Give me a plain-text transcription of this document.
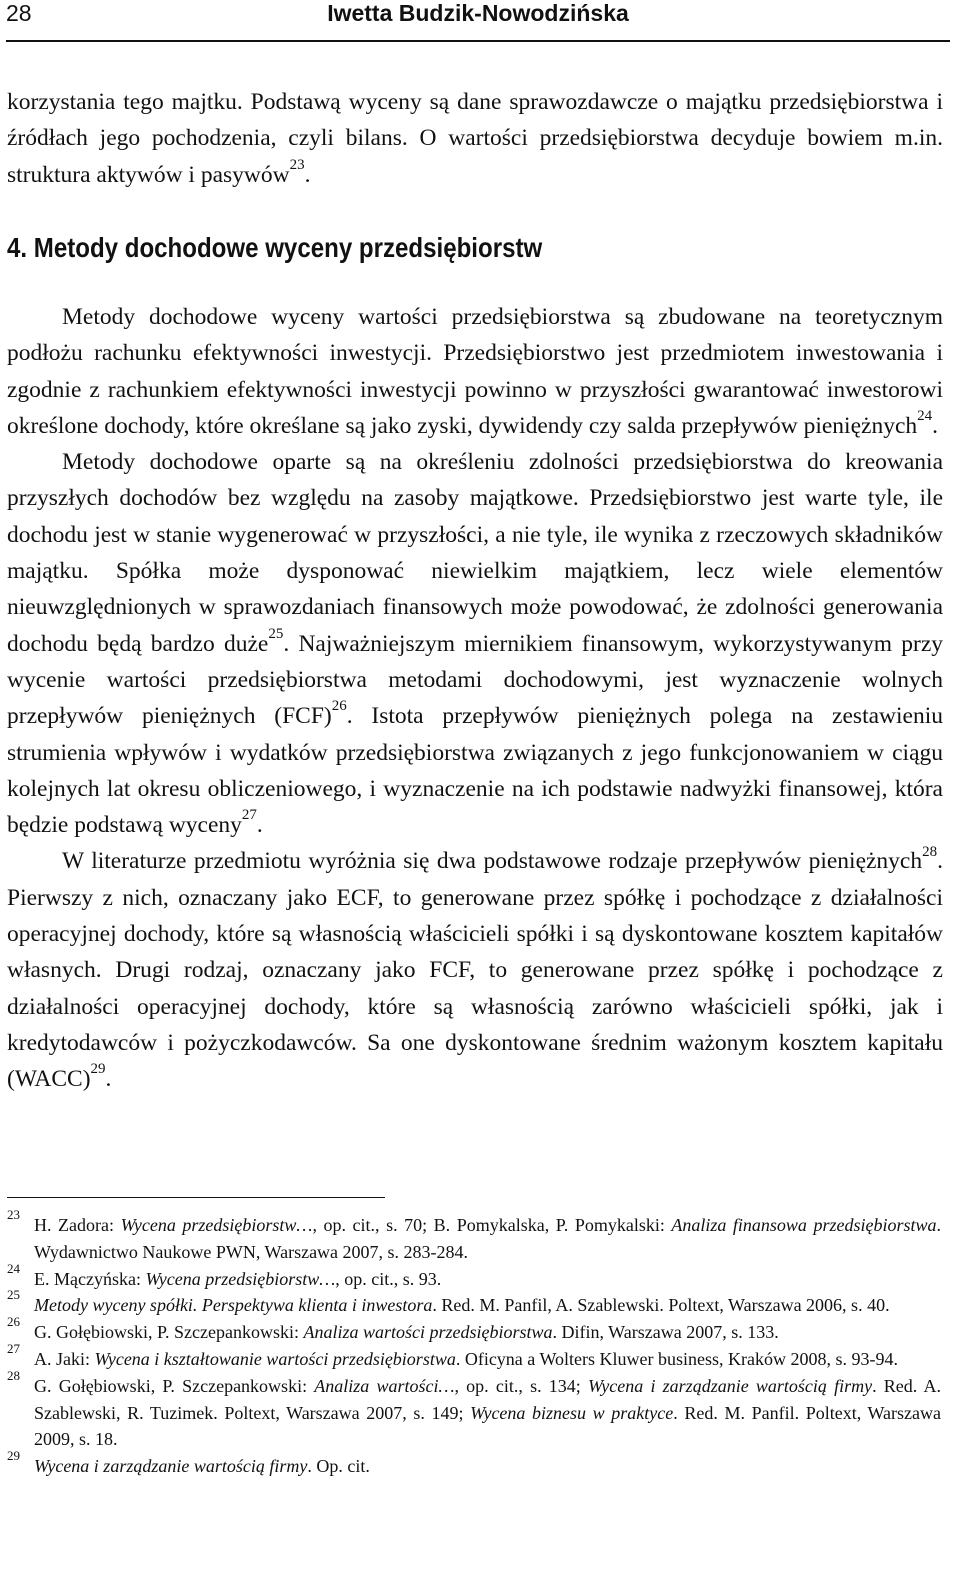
28	Iwetta Budzik-Nowodzińska

korzystania tego majtku. Podstawą wyceny są dane sprawozdawcze o majątku przedsiębiorstwa i źródłach jego pochodzenia, czyli bilans. O wartości przedsiębiorstwa decyduje bowiem m.in. struktura aktywów i pasywów$^{23}$.

4. Metody dochodowe wyceny przedsiębiorstw

Metody dochodowe wyceny wartości przedsiębiorstwa są zbudowane na teoretycznym podłożu rachunku efektywności inwestycji. Przedsiębiorstwo jest przedmiotem inwestowania i zgodnie z rachunkiem efektywności inwestycji powinno w przyszłości gwarantować inwestorowi określone dochody, które określane są jako zyski, dywidendy czy salda przepływów pieniężnych$^{24}$.

Metody dochodowe oparte są na określeniu zdolności przedsiębiorstwa do kreowania przyszłych dochodów bez względu na zasoby majątkowe. Przedsiębiorstwo jest warte tyle, ile dochodu jest w stanie wygenerować w przyszłości, a nie tyle, ile wynika z rzeczowych składników majątku. Spółka może dysponować niewielkim majątkiem, lecz wiele elementów nieuwzględnionych w sprawozdaniach finansowych może powodować, że zdolności generowania dochodu będą bardzo duże$^{25}$. Najważniejszym miernikiem finansowym, wykorzystywanym przy wycenie wartości przedsiębiorstwa metodami dochodowymi, jest wyznaczenie wolnych przepływów pieniężnych (FCF)$^{26}$. Istota przepływów pieniężnych polega na zestawieniu strumienia wpływów i wydatków przedsiębiorstwa związanych z jego funkcjonowaniem w ciągu kolejnych lat okresu obliczeniowego, i wyznaczenie na ich podstawie nadwyżki finansowej, która będzie podstawą wyceny$^{27}$.

W literaturze przedmiotu wyróżnia się dwa podstawowe rodzaje przepływów pieniężnych$^{28}$. Pierwszy z nich, oznaczany jako ECF, to generowane przez spółkę i pochodzące z działalności operacyjnej dochody, które są własnością właścicieli spółki i są dyskontowane kosztem kapitałów własnych. Drugi rodzaj, oznaczany jako FCF, to generowane przez spółkę i pochodzące z działalności operacyjnej dochody, które są własnością zarówno właścicieli spółki, jak i kredytodawców i pożyczkodawców. Sa one dyskontowane średnim ważonym kosztem kapitału (WACC)$^{29}$.

23
H. Zadora: Wycena przedsiębiorstw…, op. cit., s. 70; B. Pomykalska, P. Pomykalski: Analiza finansowa przedsiębiorstwa. Wydawnictwo Naukowe PWN, Warszawa 2007, s. 283-284.

24
E. Mączyńska: Wycena przedsiębiorstw…, op. cit., s. 93.

25
Metody wyceny spółki. Perspektywa klienta i inwestora. Red. M. Panfil, A. Szablewski. Poltext, Warszawa 2006, s. 40.

26
G. Gołębiowski, P. Szczepankowski: Analiza wartości przedsiębiorstwa. Difin, Warszawa 2007, s. 133.

27
A. Jaki: Wycena i kształtowanie wartości przedsiębiorstwa. Oficyna a Wolters Kluwer business, Kraków 2008, s. 93-94.

28
G. Gołębiowski, P. Szczepankowski: Analiza wartości…, op. cit., s. 134; Wycena i zarządzanie wartością firmy. Red. A. Szablewski, R. Tuzimek. Poltext, Warszawa 2007, s. 149; Wycena biznesu w praktyce. Red. M. Panfil. Poltext, Warszawa 2009, s. 18.

29
Wycena i zarządzanie wartością firmy. Op. cit.
